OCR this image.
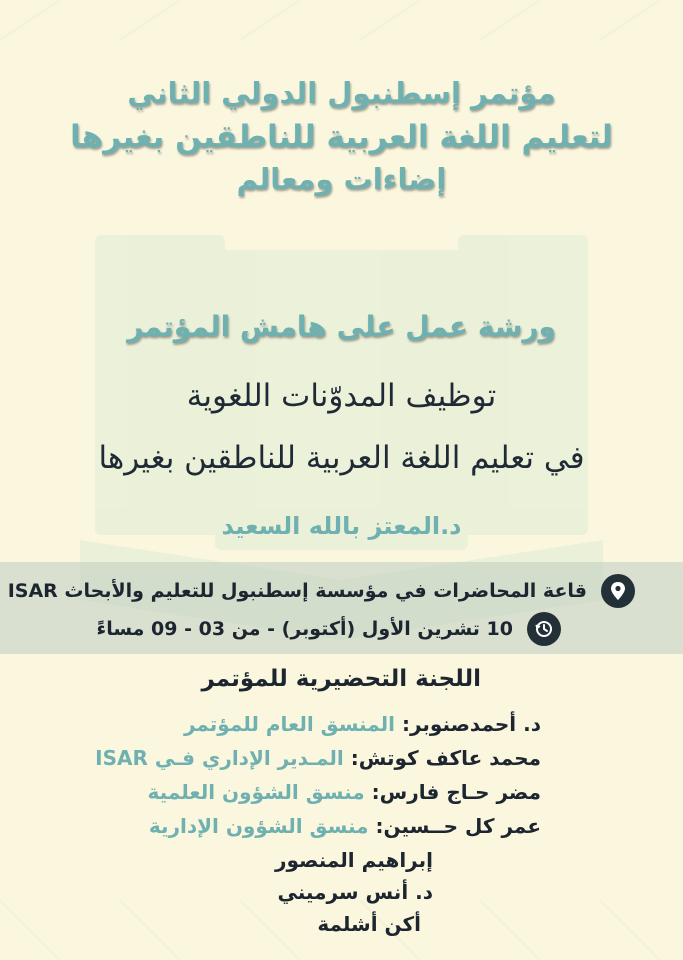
مؤتمر إسطنبول الدولي الثاني

لتعليم اللغة العربية للناطقين بغيرها

إضاءات ومعالم

ورشة عمل على هامش المؤتمر
توظيف المدوّنات اللغوية
في تعليم اللغة العربية للناطقين بغيرها
د.المعتز بالله السعيد
قاعة المحاضرات في مؤسسة إسطنبول للتعليم والأبحاث ISAR
10 تشرين الأول (أكتوبر) - من 03 - 09 مساءً
اللجنة التحضيرية للمؤتمر
د. أحمدصنوبر: المنسق العام للمؤتمر
محمد عاكف كوتش: المـدير الإداري فـي ISAR
مضر حـاج فارس: منسق الشؤون العلمية
عمر كل حــسين: منسق الشؤون الإدارية
إبراهيم المنصور
د. أنس سرميني
أكن أشلمة
